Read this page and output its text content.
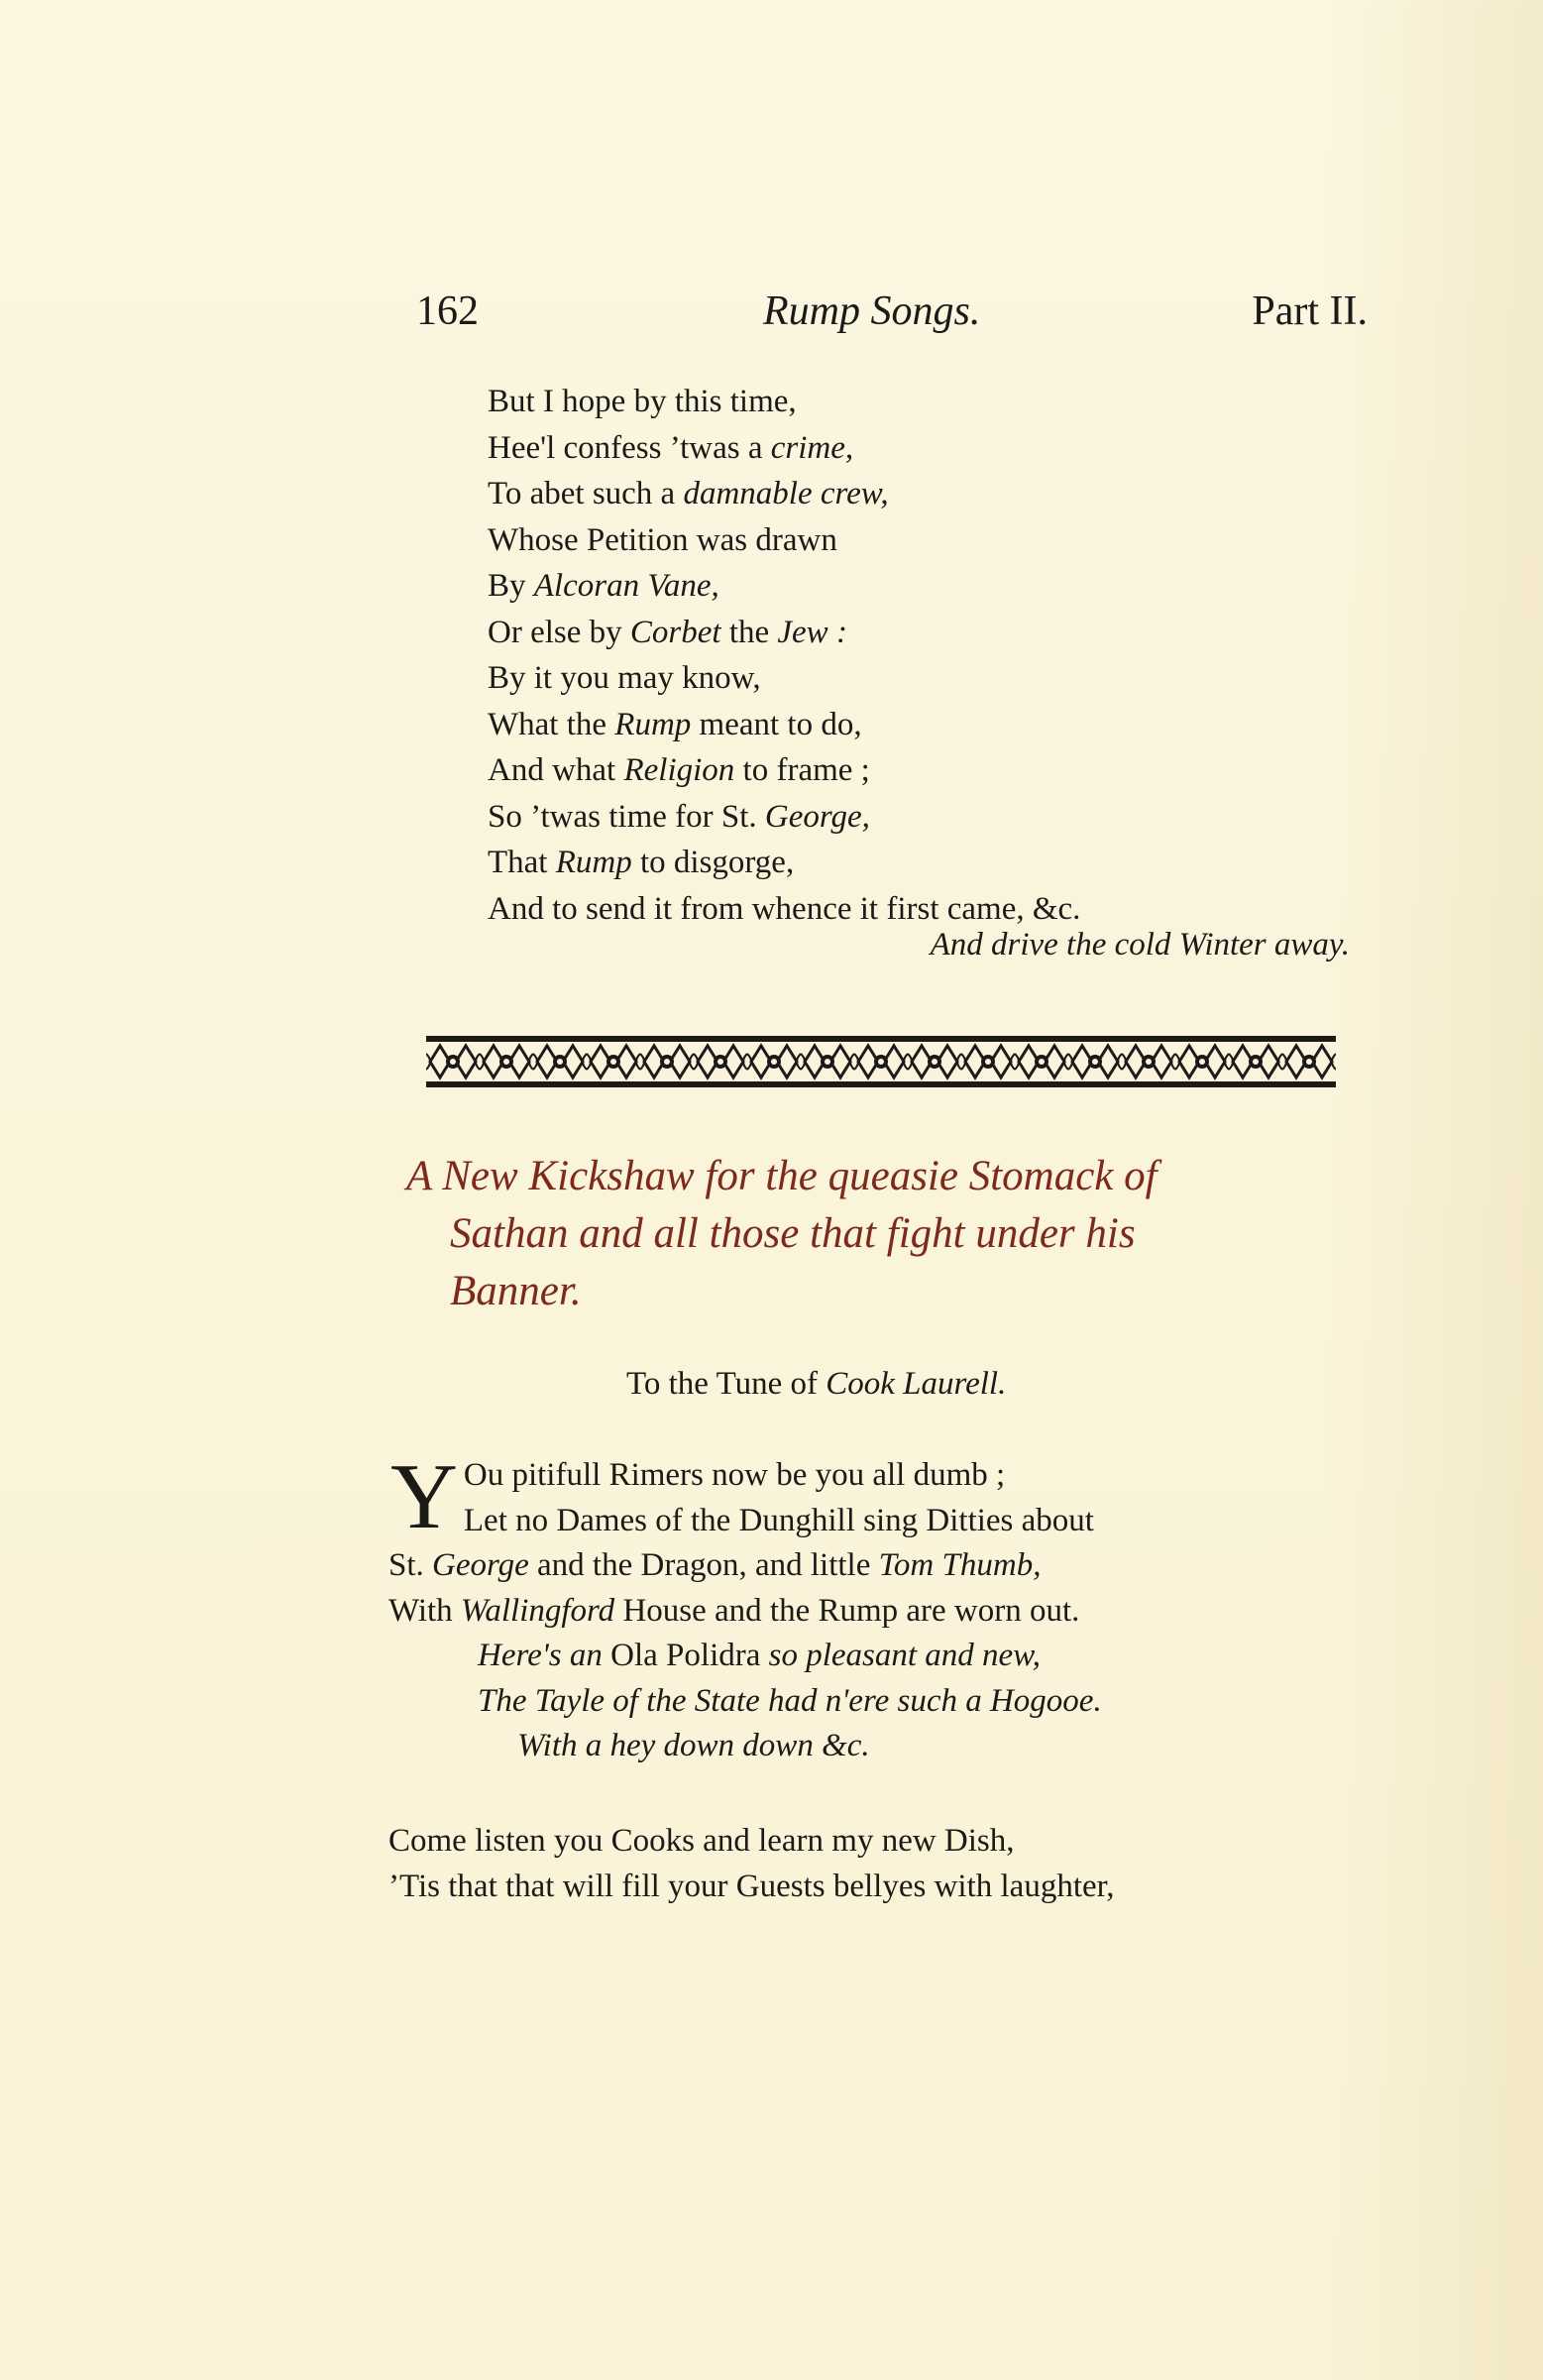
162	Rump Songs.	Part II.
But I hope by this time,
Hee'l confess ’twas a crime,
To abet such a damnable crew,
Whose Petition was drawn
By Alcoran Vane,
Or else by Corbet the Jew :
By it you may know,
What the Rump meant to do,
And what Religion to frame ;
So ’twas time for St. George,
That Rump to disgorge,
And to send it from whence it first came, &c.
And drive the cold Winter away.
A New Kickshaw for the queasie Stomack of
Sathan and all those that fight under his
Banner.
To the Tune of Cook Laurell.
Y Ou pitifull Rimers now be you all dumb ;
Let no Dames of the Dunghill sing Ditties about
St. George and the Dragon, and little Tom Thumb,
With Wallingford House and the Rump are worn out.
Here's an Ola Polidra so pleasant and new,
The Tayle of the State had n'ere such a Hogooe.
With a hey down down &c.
Come listen you Cooks and learn my new Dish,
’Tis that that will fill your Guests bellyes with laughter,
